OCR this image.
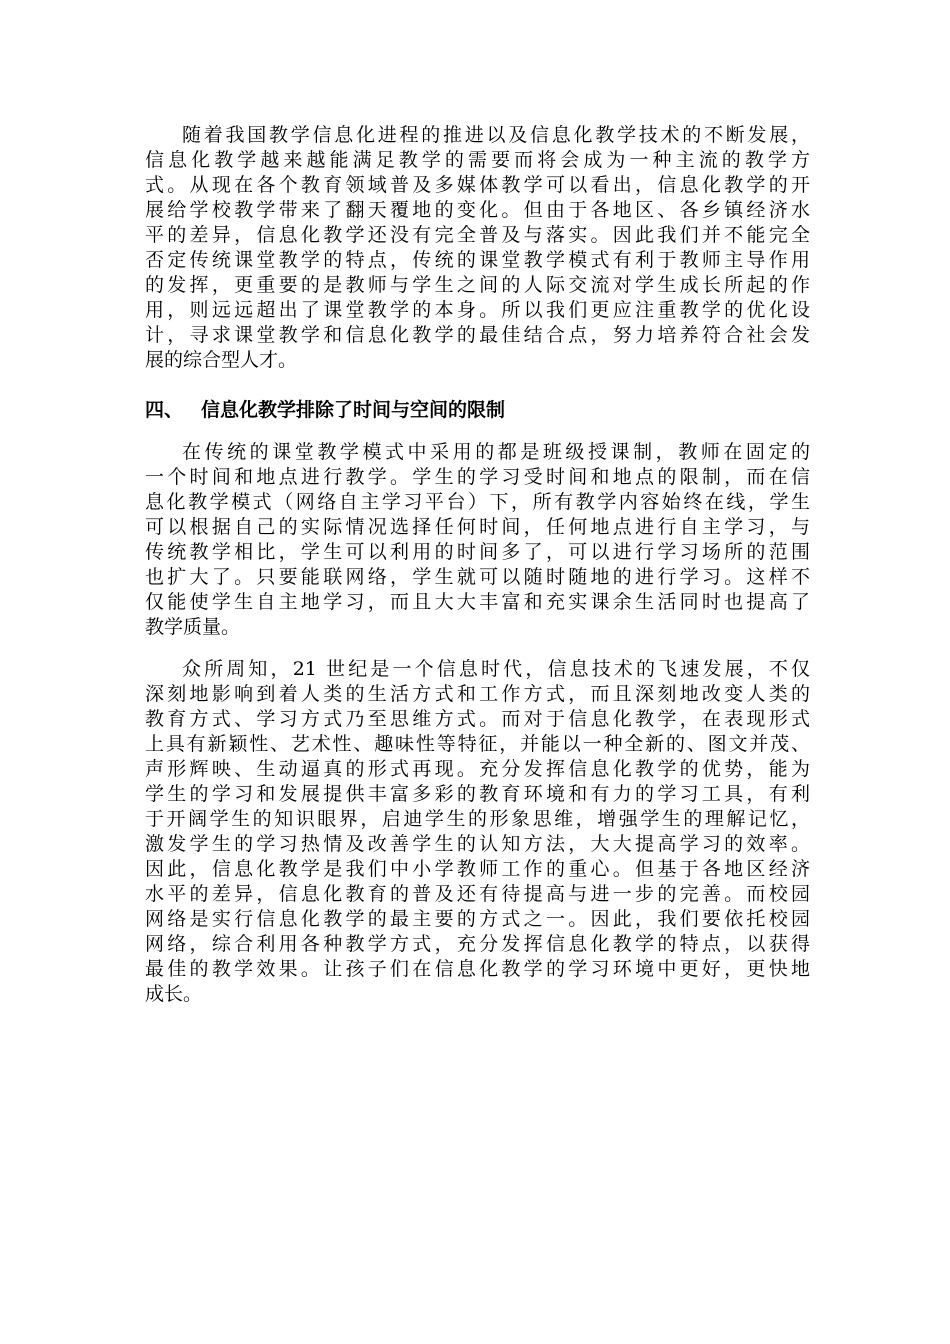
随着我国教学信息化进程的推进以及信息化教学技术的不断发展，
信息化教学越来越能满足教学的需要而将会成为一种主流的教学方
式。从现在各个教育领域普及多媒体教学可以看出，信息化教学的开
展给学校教学带来了翻天覆地的变化。但由于各地区、各乡镇经济水
平的差异，信息化教学还没有完全普及与落实。因此我们并不能完全
否定传统课堂教学的特点，传统的课堂教学模式有利于教师主导作用
的发挥，更重要的是教师与学生之间的人际交流对学生成长所起的作
用，则远远超出了课堂教学的本身。所以我们更应注重教学的优化设
计，寻求课堂教学和信息化教学的最佳结合点，努力培养符合社会发
展的综合型人才。
四、 信息化教学排除了时间与空间的限制
在传统的课堂教学模式中采用的都是班级授课制，教师在固定的
一个时间和地点进行教学。学生的学习受时间和地点的限制，而在信
息化教学模式（网络自主学习平台）下，所有教学内容始终在线，学生
可以根据自己的实际情况选择任何时间，任何地点进行自主学习，与
传统教学相比，学生可以利用的时间多了，可以进行学习场所的范围
也扩大了。只要能联网络，学生就可以随时随地的进行学习。这样不
仅能使学生自主地学习，而且大大丰富和充实课余生活同时也提高了
教学质量。
众所周知，21 世纪是一个信息时代，信息技术的飞速发展，不仅
深刻地影响到着人类的生活方式和工作方式，而且深刻地改变人类的
教育方式、学习方式乃至思维方式。而对于信息化教学，在表现形式
上具有新颖性、艺术性、趣味性等特征，并能以一种全新的、图文并茂、
声形辉映、生动逼真的形式再现。充分发挥信息化教学的优势，能为
学生的学习和发展提供丰富多彩的教育环境和有力的学习工具，有利
于开阔学生的知识眼界，启迪学生的形象思维，增强学生的理解记忆，
激发学生的学习热情及改善学生的认知方法，大大提高学习的效率。
因此，信息化教学是我们中小学教师工作的重心。但基于各地区经济
水平的差异，信息化教育的普及还有待提高与进一步的完善。而校园
网络是实行信息化教学的最主要的方式之一。因此，我们要依托校园
网络，综合利用各种教学方式，充分发挥信息化教学的特点，以获得
最佳的教学效果。让孩子们在信息化教学的学习环境中更好，更快地
成长。
